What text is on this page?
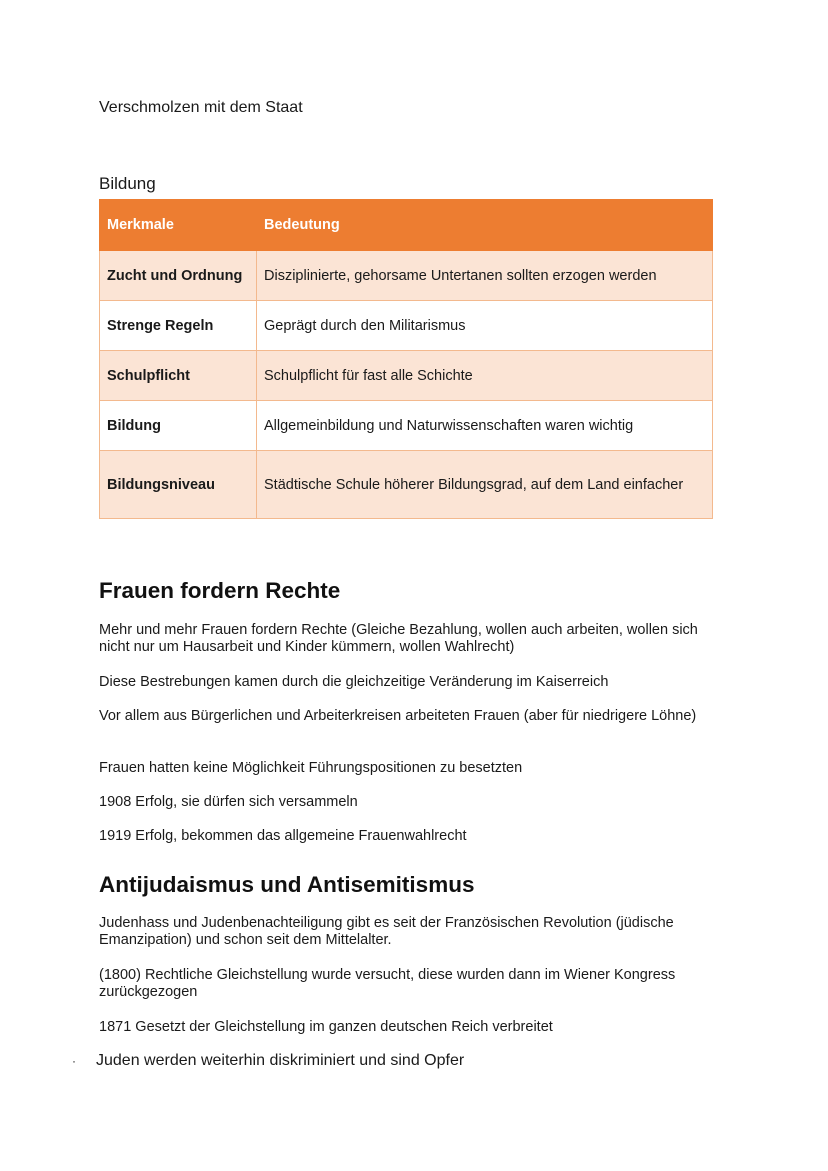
Verschmolzen mit dem Staat
Bildung
Merkmale	Bedeutung
Zucht und Ordnung	Disziplinierte, gehorsame Untertanen sollten erzogen werden
Strenge Regeln	Geprägt durch den Militarismus
Schulpflicht	Schulpflicht für fast alle Schichte
Bildung	Allgemeinbildung und Naturwissenschaften waren wichtig
Bildungsniveau	Städtische Schule höherer Bildungsgrad, auf dem Land einfacher
Frauen fordern Rechte

Mehr und mehr Frauen fordern Rechte (Gleiche Bezahlung, wollen auch arbeiten, wollen sich nicht nur um Hausarbeit und Kinder kümmern, wollen Wahlrecht)

Diese Bestrebungen kamen durch die gleichzeitige Veränderung im Kaiserreich

Vor allem aus Bürgerlichen und Arbeiterkreisen arbeiteten Frauen (aber für niedrigere Löhne)

Frauen hatten keine Möglichkeit Führungspositionen zu besetzten

1908 Erfolg, sie dürfen sich versammeln

1919 Erfolg, bekommen das allgemeine Frauenwahlrecht

Antijudaismus und Antisemitismus

Judenhass und Judenbenachteiligung gibt es seit der Französischen Revolution (jüdische Emanzipation) und schon seit dem Mittelalter.

(1800) Rechtliche Gleichstellung wurde versucht, diese wurden dann im Wiener Kongress zurückgezogen

1871 Gesetzt der Gleichstellung im ganzen deutschen Reich verbreitet

· Juden werden weiterhin diskriminiert und sind Opfer
